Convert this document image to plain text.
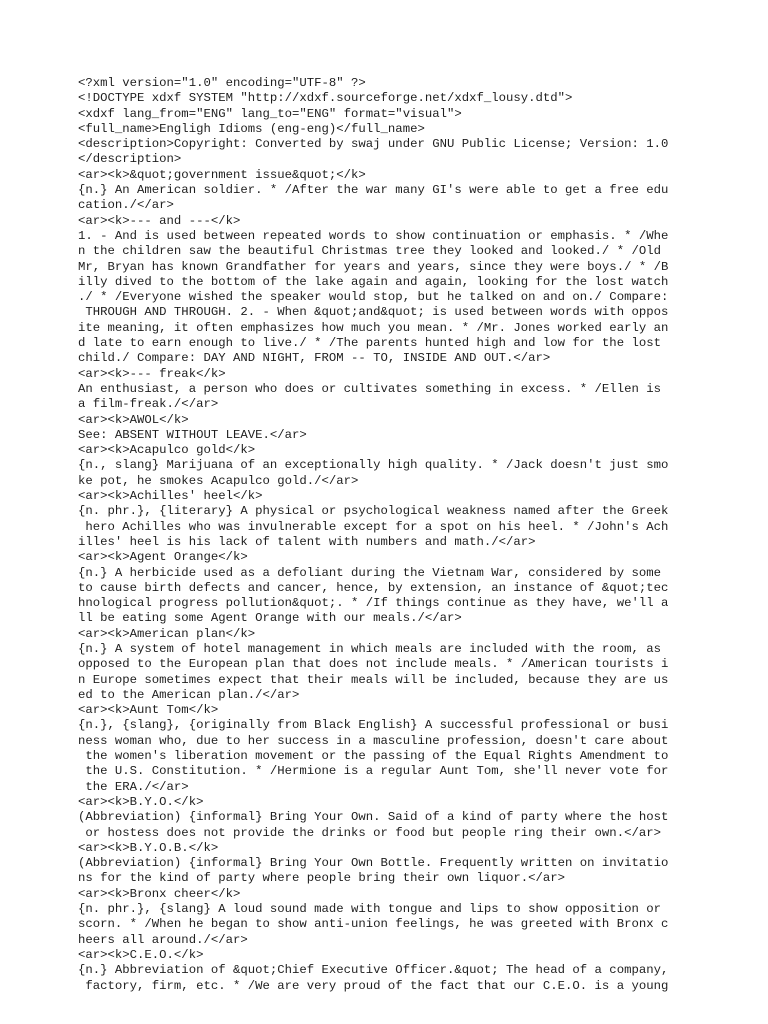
<?xml version="1.0" encoding="UTF-8" ?>

<!DOCTYPE xdxf SYSTEM "http://xdxf.sourceforge.net/xdxf_lousy.dtd">

<xdxf lang_from="ENG" lang_to="ENG" format="visual">

<full_name>Engligh Idioms (eng-eng)</full_name>

<description>Copyright: Converted by swaj under GNU Public License; Version: 1.0

</description>

<ar><k>&quot;government issue&quot;</k>

{n.} An American soldier. * /After the war many GI's were able to get a free edu

cation./</ar>

<ar><k>--- and ---</k>

1. - And is used between repeated words to show continuation or emphasis. * /Whe

n the children saw the beautiful Christmas tree they looked and looked./ * /Old

Mr, Bryan has known Grandfather for years and years, since they were boys./ * /B

illy dived to the bottom of the lake again and again, looking for the lost watch

./ * /Everyone wished the speaker would stop, but he talked on and on./ Compare:

THROUGH AND THROUGH. 2. - When &quot;and&quot; is used between words with oppos

ite meaning, it often emphasizes how much you mean. * /Mr. Jones worked early an

d late to earn enough to live./ * /The parents hunted high and low for the lost

child./ Compare: DAY AND NIGHT, FROM -- TO, INSIDE AND OUT.</ar>

<ar><k>--- freak</k>

An enthusiast, a person who does or cultivates something in excess. * /Ellen is

a film-freak./</ar>

<ar><k>AWOL</k>

See: ABSENT WITHOUT LEAVE.</ar>

<ar><k>Acapulco gold</k>

{n., slang} Marijuana of an exceptionally high quality. * /Jack doesn't just smo

ke pot, he smokes Acapulco gold./</ar>

<ar><k>Achilles' heel</k>

{n. phr.}, {literary} A physical or psychological weakness named after the Greek

hero Achilles who was invulnerable except for a spot on his heel. * /John's Ach

illes' heel is his lack of talent with numbers and math./</ar>

<ar><k>Agent Orange</k>

{n.} A herbicide used as a defoliant during the Vietnam War, considered by some

to cause birth defects and cancer, hence, by extension, an instance of &quot;tec

hnological progress pollution&quot;. * /If things continue as they have, we'll a

ll be eating some Agent Orange with our meals./</ar>

<ar><k>American plan</k>

{n.} A system of hotel management in which meals are included with the room, as

opposed to the European plan that does not include meals. * /American tourists i

n Europe sometimes expect that their meals will be included, because they are us

ed to the American plan./</ar>

<ar><k>Aunt Tom</k>

{n.}, {slang}, {originally from Black English} A successful professional or busi

ness woman who, due to her success in a masculine profession, doesn't care about

the women's liberation movement or the passing of the Equal Rights Amendment to

the U.S. Constitution. * /Hermione is a regular Aunt Tom, she'll never vote for

the ERA./</ar>

<ar><k>B.Y.O.</k>

(Abbreviation) {informal} Bring Your Own. Said of a kind of party where the host

or hostess does not provide the drinks or food but people ring their own.</ar>

<ar><k>B.Y.O.B.</k>

(Abbreviation) {informal} Bring Your Own Bottle. Frequently written on invitatio

ns for the kind of party where people bring their own liquor.</ar>

<ar><k>Bronx cheer</k>

{n. phr.}, {slang} A loud sound made with tongue and lips to show opposition or

scorn. * /When he began to show anti-union feelings, he was greeted with Bronx c

heers all around./</ar>

<ar><k>C.E.O.</k>

{n.} Abbreviation of &quot;Chief Executive Officer.&quot; The head of a company,

factory, firm, etc. * /We are very proud of the fact that our C.E.O. is a young
